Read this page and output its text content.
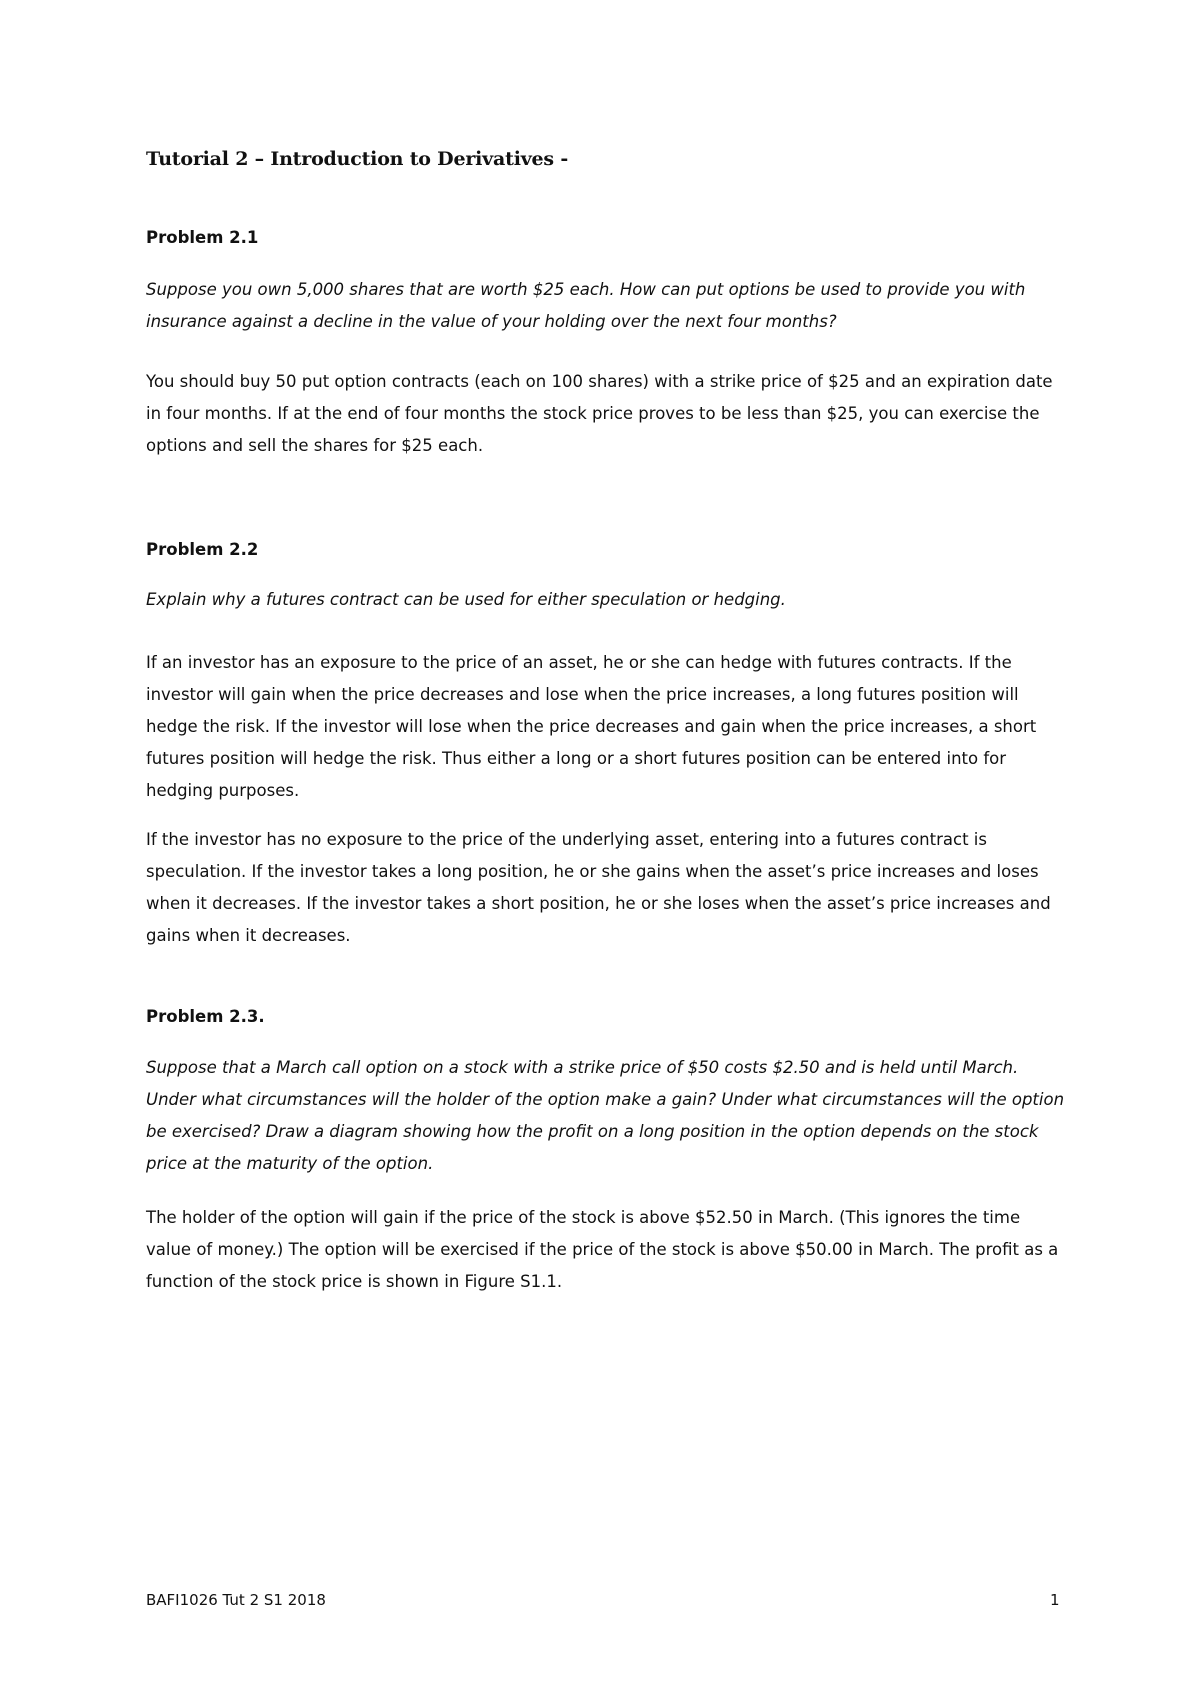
Tutorial 2 – Introduction to Derivatives -
Problem 2.1

Suppose you own 5,000 shares that are worth $25 each. How can put options be used to provide you with insurance against a decline in the value of your holding over the next four months?

You should buy 50 put option contracts (each on 100 shares) with a strike price of $25 and an expiration date in four months. If at the end of four months the stock price proves to be less than $25, you can exercise the options and sell the shares for $25 each.

Problem 2.2

Explain why a futures contract can be used for either speculation or hedging.

If an investor has an exposure to the price of an asset, he or she can hedge with futures contracts. If the investor will gain when the price decreases and lose when the price increases, a long futures position will hedge the risk. If the investor will lose when the price decreases and gain when the price increases, a short futures position will hedge the risk. Thus either a long or a short futures position can be entered into for hedging purposes.

If the investor has no exposure to the price of the underlying asset, entering into a futures contract is speculation. If the investor takes a long position, he or she gains when the asset’s price increases and loses when it decreases. If the investor takes a short position, he or she loses when the asset’s price increases and gains when it decreases.

Problem 2.3.

Suppose that a March call option on a stock with a strike price of $50 costs $2.50 and is held until March. Under what circumstances will the holder of the option make a gain? Under what circumstances will the option be exercised? Draw a diagram showing how the profit on a long position in the option depends on the stock price at the maturity of the option.

The holder of the option will gain if the price of the stock is above $52.50 in March. (This ignores the time value of money.) The option will be exercised if the price of the stock is above $50.00 in March. The profit as a function of the stock price is shown in Figure S1.1.

BAFI1026 Tut 2 S1 2018	1
